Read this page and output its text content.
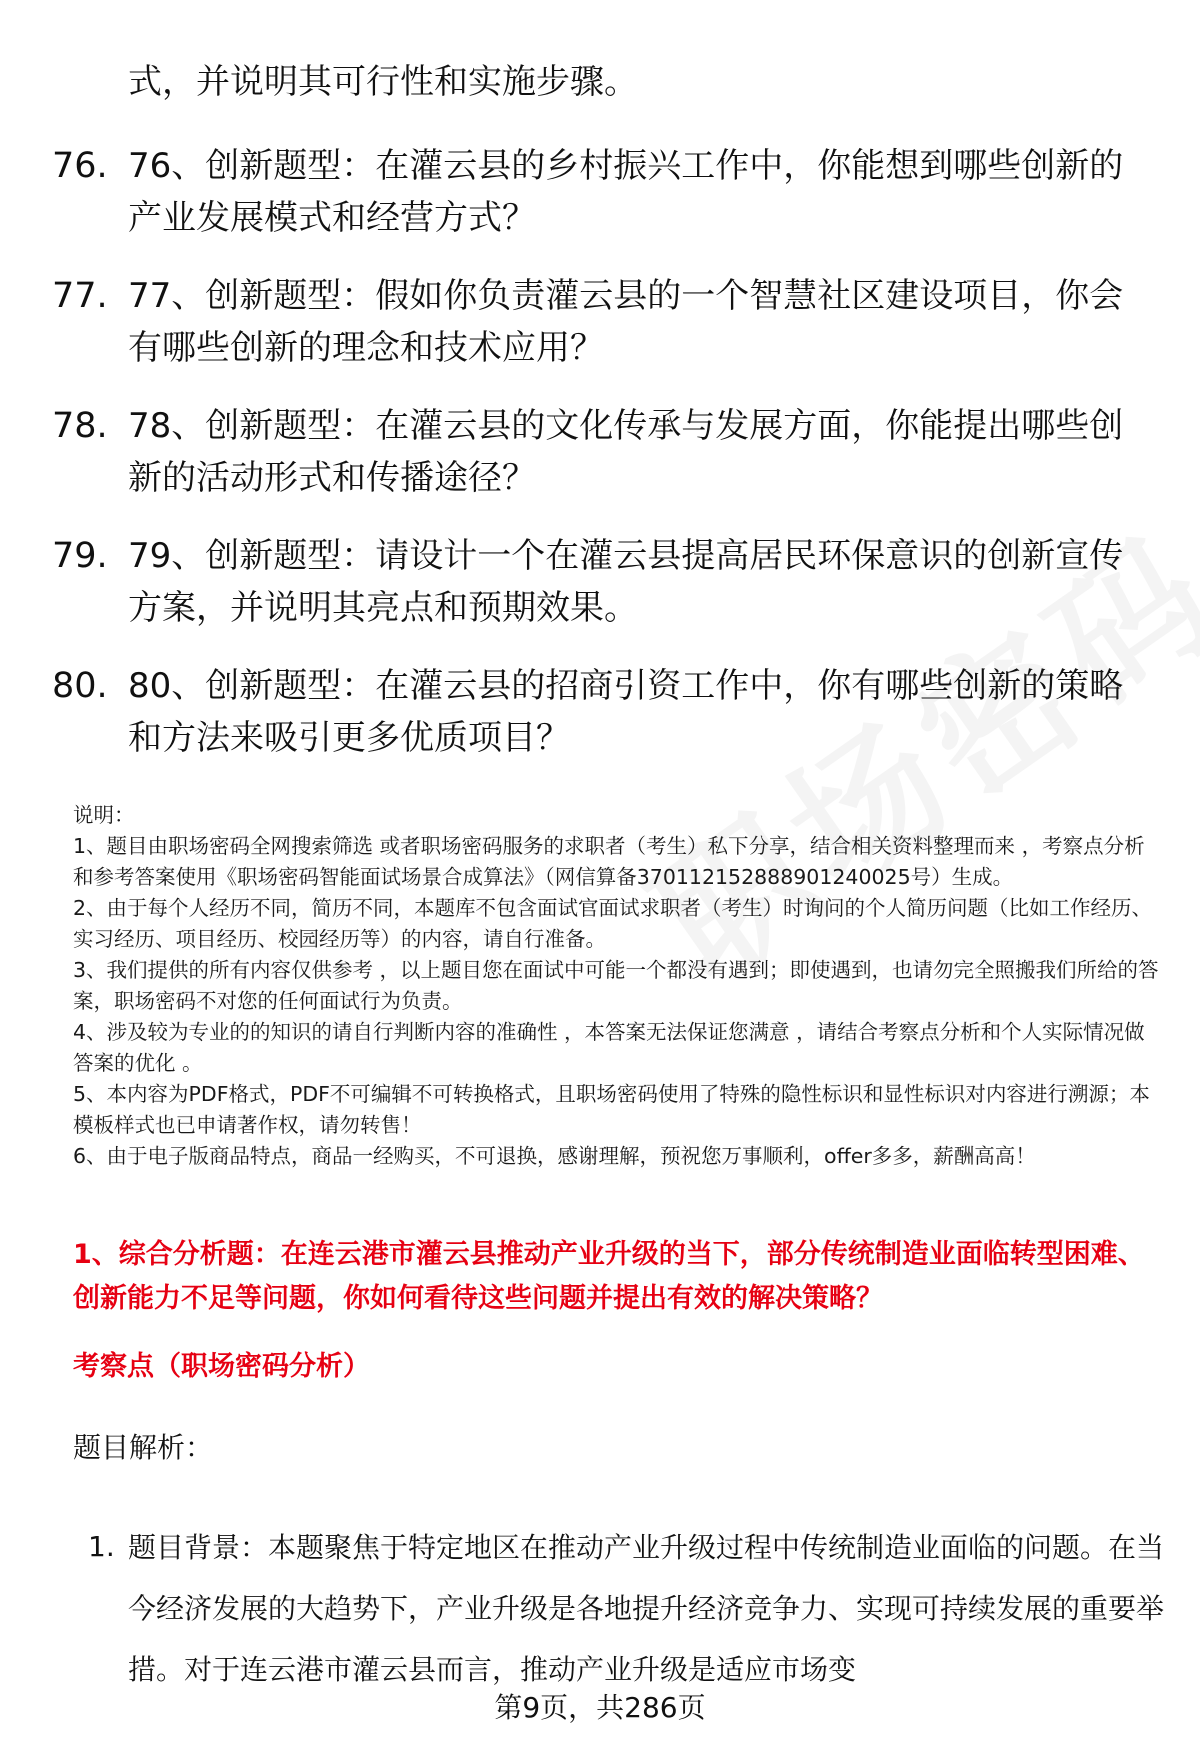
式，并说明其可行性和实施步骤。
76. 76、创新题型：在灌云县的乡村振兴工作中，你能想到哪些创新的产业发展模式和经营方式？
77. 77、创新题型：假如你负责灌云县的一个智慧社区建设项目，你会有哪些创新的理念和技术应用？
78. 78、创新题型：在灌云县的文化传承与发展方面，你能提出哪些创新的活动形式和传播途径？
79. 79、创新题型：请设计一个在灌云县提高居民环保意识的创新宣传方案，并说明其亮点和预期效果。
80. 80、创新题型：在灌云县的招商引资工作中，你有哪些创新的策略和方法来吸引更多优质项目？

说明：

1、题目由职场密码全网搜索筛选 或者职场密码服务的求职者（考生）私下分享，结合相关资料整理而来 ，考察点分析和参考答案使用《职场密码智能面试场景合成算法》（网信算备370112152888901240025号）生成。

2、由于每个人经历不同，简历不同，本题库不包含面试官面试求职者（考生）时询问的个人简历问题（比如工作经历、实习经历、项目经历、校园经历等）的内容，请自行准备。

3、我们提供的所有内容仅供参考 ，以上题目您在面试中可能一个都没有遇到；即使遇到，也请勿完全照搬我们所给的答案，职场密码不对您的任何面试行为负责。

4、涉及较为专业的的知识的请自行判断内容的准确性 ，本答案无法保证您满意 ，请结合考察点分析和个人实际情况做答案的优化 。

5、本内容为PDF格式，PDF不可编辑不可转换格式，且职场密码使用了特殊的隐性标识和显性标识对内容进行溯源；本模板样式也已申请著作权，请勿转售！

6、由于电子版商品特点，商品一经购买，不可退换，感谢理解，预祝您万事顺利，offer多多，薪酬高高！

1、综合分析题：在连云港市灌云县推动产业升级的当下，部分传统制造业面临转型困难、创新能力不足等问题，你如何看待这些问题并提出有效的解决策略？
考察点（职场密码分析）
题目解析：
1. 题目背景：本题聚焦于特定地区在推动产业升级过程中传统制造业面临的问题。在当今经济发展的大趋势下，产业升级是各地提升经济竞争力、实现可持续发展的重要举措。对于连云港市灌云县而言，推动产业升级是适应市场变
第9页，共286页
